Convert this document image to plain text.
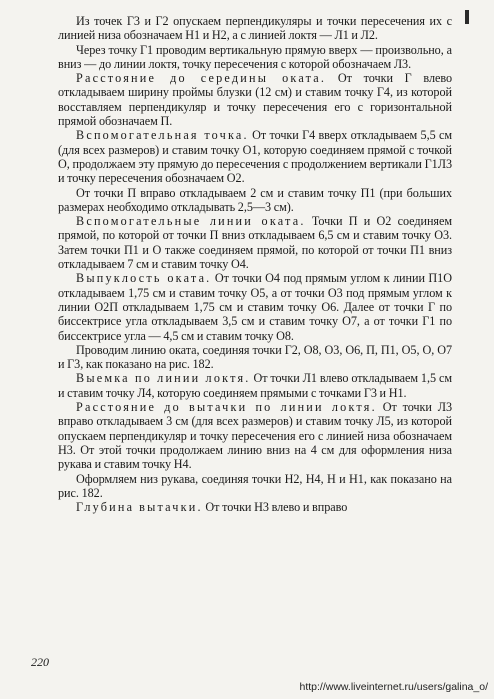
Из точек Г3 и Г2 опускаем перпендикуляры и точки пересечения их с линией низа обозначаем Н1 и Н2, а с линией локтя — Л1 и Л2.

Через точку Г1 проводим вертикальную прямую вверх — произвольно, а вниз — до линии локтя, точку пересечения с которой обозначаем Л3.

Расстояние до середины оката. От точки Г влево откладываем ширину проймы блузки (12 см) и ставим точку Г4, из которой восставляем перпендикуляр и точку пересечения его с горизонтальной прямой обозначаем П.

Вспомогательная точка. От точки Г4 вверх откладываем 5,5 см (для всех размеров) и ставим точку О1, которую соединяем прямой с точкой О, продолжаем эту прямую до пересечения с продолжением вертикали Г1Л3 и точку пересечения обозначаем О2.

От точки П вправо откладываем 2 см и ставим точку П1 (при больших размерах необходимо откладывать 2,5—3 см).

Вспомогательные линии оката. Точки П и О2 соединяем прямой, по которой от точки П вниз откладываем 6,5 см и ставим точку О3. Затем точки П1 и О также соединяем прямой, по которой от точки П1 вниз откладываем 7 см и ставим точку О4.

Выпуклость оката. От точки О4 под прямым углом к линии П1О откладываем 1,75 см и ставим точку О5, а от точки О3 под прямым углом к линии О2П откладываем 1,75 см и ставим точку О6. Далее от точки Г по биссектрисе угла откладываем 3,5 см и ставим точку О7, а от точки Г1 по биссектрисе угла — 4,5 см и ставим точку О8.

Проводим линию оката, соединяя точки Г2, О8, О3, О6, П, П1, О5, О, О7 и Г3, как показано на рис. 182.

Выемка по линии локтя. От точки Л1 влево откладываем 1,5 см и ставим точку Л4, которую соединяем прямыми с точками Г3 и Н1.

Расстояние до вытачки по линии локтя. От точки Л3 вправо откладываем 3 см (для всех размеров) и ставим точку Л5, из которой опускаем перпендикуляр и точку пересечения его с линией низа обозначаем Н3. От этой точки продолжаем линию вниз на 4 см для оформления низа рукава и ставим точку Н4.

Оформляем низ рукава, соединяя точки Н2, Н4, Н и Н1, как показано на рис. 182.

Глубина вытачки. От точки Н3 влево и вправо

220
http://www.liveinternet.ru/users/galina_o/
